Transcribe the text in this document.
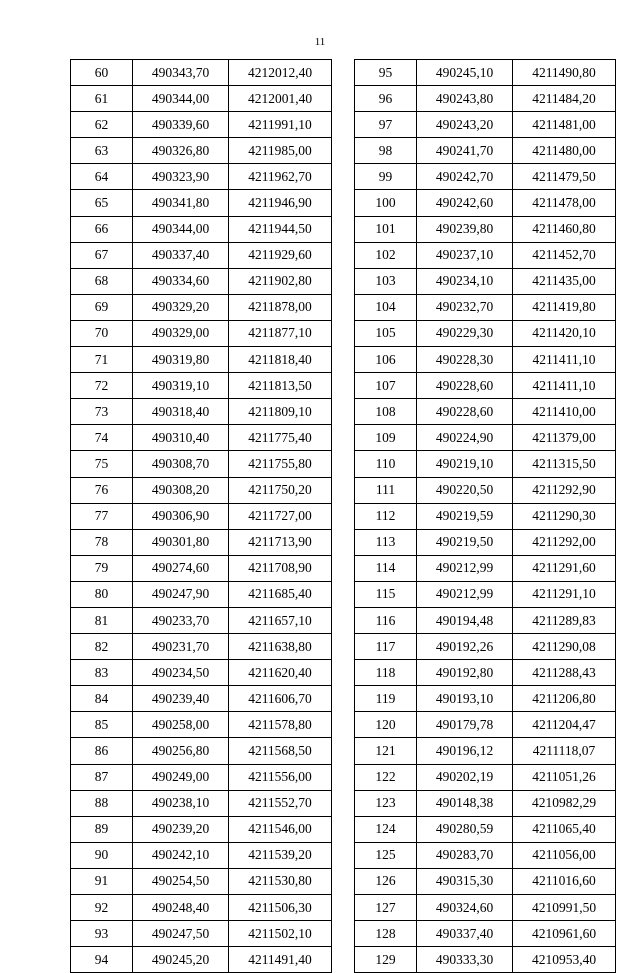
11
60	490343,70	4212012,40
61	490344,00	4212001,40
62	490339,60	4211991,10
63	490326,80	4211985,00
64	490323,90	4211962,70
65	490341,80	4211946,90
66	490344,00	4211944,50
67	490337,40	4211929,60
68	490334,60	4211902,80
69	490329,20	4211878,00
70	490329,00	4211877,10
71	490319,80	4211818,40
72	490319,10	4211813,50
73	490318,40	4211809,10
74	490310,40	4211775,40
75	490308,70	4211755,80
76	490308,20	4211750,20
77	490306,90	4211727,00
78	490301,80	4211713,90
79	490274,60	4211708,90
80	490247,90	4211685,40
81	490233,70	4211657,10
82	490231,70	4211638,80
83	490234,50	4211620,40
84	490239,40	4211606,70
85	490258,00	4211578,80
86	490256,80	4211568,50
87	490249,00	4211556,00
88	490238,10	4211552,70
89	490239,20	4211546,00
90	490242,10	4211539,20
91	490254,50	4211530,80
92	490248,40	4211506,30
93	490247,50	4211502,10
94	490245,20	4211491,40
95	490245,10	4211490,80
96	490243,80	4211484,20
97	490243,20	4211481,00
98	490241,70	4211480,00
99	490242,70	4211479,50
100	490242,60	4211478,00
101	490239,80	4211460,80
102	490237,10	4211452,70
103	490234,10	4211435,00
104	490232,70	4211419,80
105	490229,30	4211420,10
106	490228,30	4211411,10
107	490228,60	4211411,10
108	490228,60	4211410,00
109	490224,90	4211379,00
110	490219,10	4211315,50
111	490220,50	4211292,90
112	490219,59	4211290,30
113	490219,50	4211292,00
114	490212,99	4211291,60
115	490212,99	4211291,10
116	490194,48	4211289,83
117	490192,26	4211290,08
118	490192,80	4211288,43
119	490193,10	4211206,80
120	490179,78	4211204,47
121	490196,12	4211118,07
122	490202,19	4211051,26
123	490148,38	4210982,29
124	490280,59	4211065,40
125	490283,70	4211056,00
126	490315,30	4211016,60
127	490324,60	4210991,50
128	490337,40	4210961,60
129	490333,30	4210953,40
